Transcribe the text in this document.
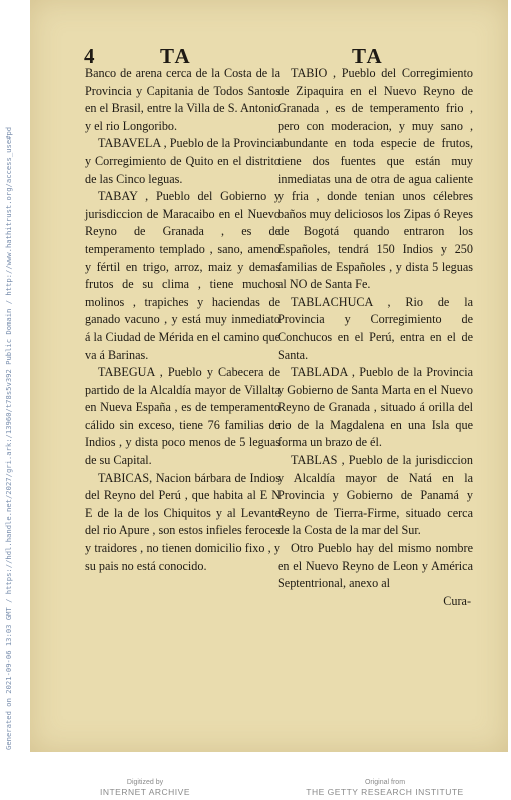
Generated on 2021-09-06 13:03 GMT / https://hdl.handle.net/2027/gri.ark:/13960/t78s5v392 Public Domain / http://www.hathitrust.org/access_use#pd
4	TA	TA

Banco de arena cerca de la Costa de la Provincia y Capitania de Todos Santos en el Brasil, entre la Villa de S. Antonio y el rio Longoribo.

TABAVELA , Pueblo de la Provincia y Corregimiento de Quito en el distrito de las Cinco leguas.

TABAY , Pueblo del Gobierno y jurisdiccion de Maracaibo en el Nuevo Reyno de Granada , es de temperamento templado , sano, ameno y fértil en trigo, arroz, maiz y demas frutos de su clima , tiene muchos molinos , trapiches y haciendas de ganado vacuno , y está muy inmediato á la Ciudad de Mérida en el camino que va á Barinas.

TABEGUA , Pueblo y Cabecera de partido de la Alcaldía mayor de Villalta en Nueva España , es de temperamento cálido sin exceso, tiene 76 familias de Indios , y dista poco menos de 5 leguas de su Capital.

TABICAS, Nacion bárbara de Indios del Reyno del Perú , que habita al E N E de la de los Chiquitos y al Levante del rio Apure , son estos infieles feroces y traidores , no tienen domicilio fixo , y su pais no está conocido.

TABIO , Pueblo del Corregimiento de Zipaquira en el Nuevo Reyno de Granada , es de temperamento frio , pero con moderacion, y muy sano , abundante en toda especie de frutos, tiene dos fuentes que están muy inmediatas una de otra de agua caliente y fria , donde tenian unos célebres baños muy deliciosos los Zipas ó Reyes de Bogotá quando entraron los Españoles, tendrá 150 Indios y 250 familias de Españoles , y dista 5 leguas al NO de Santa Fe.

TABLACHUCA , Rio de la Provincia y Corregimiento de Conchucos en el Perú, entra en el de Santa.

TABLADA , Pueblo de la Provincia y Gobierno de Santa Marta en el Nuevo Reyno de Granada , situado á orilla del rio de la Magdalena en una Isla que forma un brazo de él.

TABLAS , Pueblo de la jurisdiccion y Alcaldía mayor de Natá en la Provincia y Gobierno de Panamá y Reyno de Tierra-Firme, situado cerca de la Costa de la mar del Sur.

Otro Pueblo hay del mismo nombre en el Nuevo Reyno de Leon y América Septentrional, anexo al

Cura-
Digitized by
INTERNET ARCHIVE
Original from
THE GETTY RESEARCH INSTITUTE
